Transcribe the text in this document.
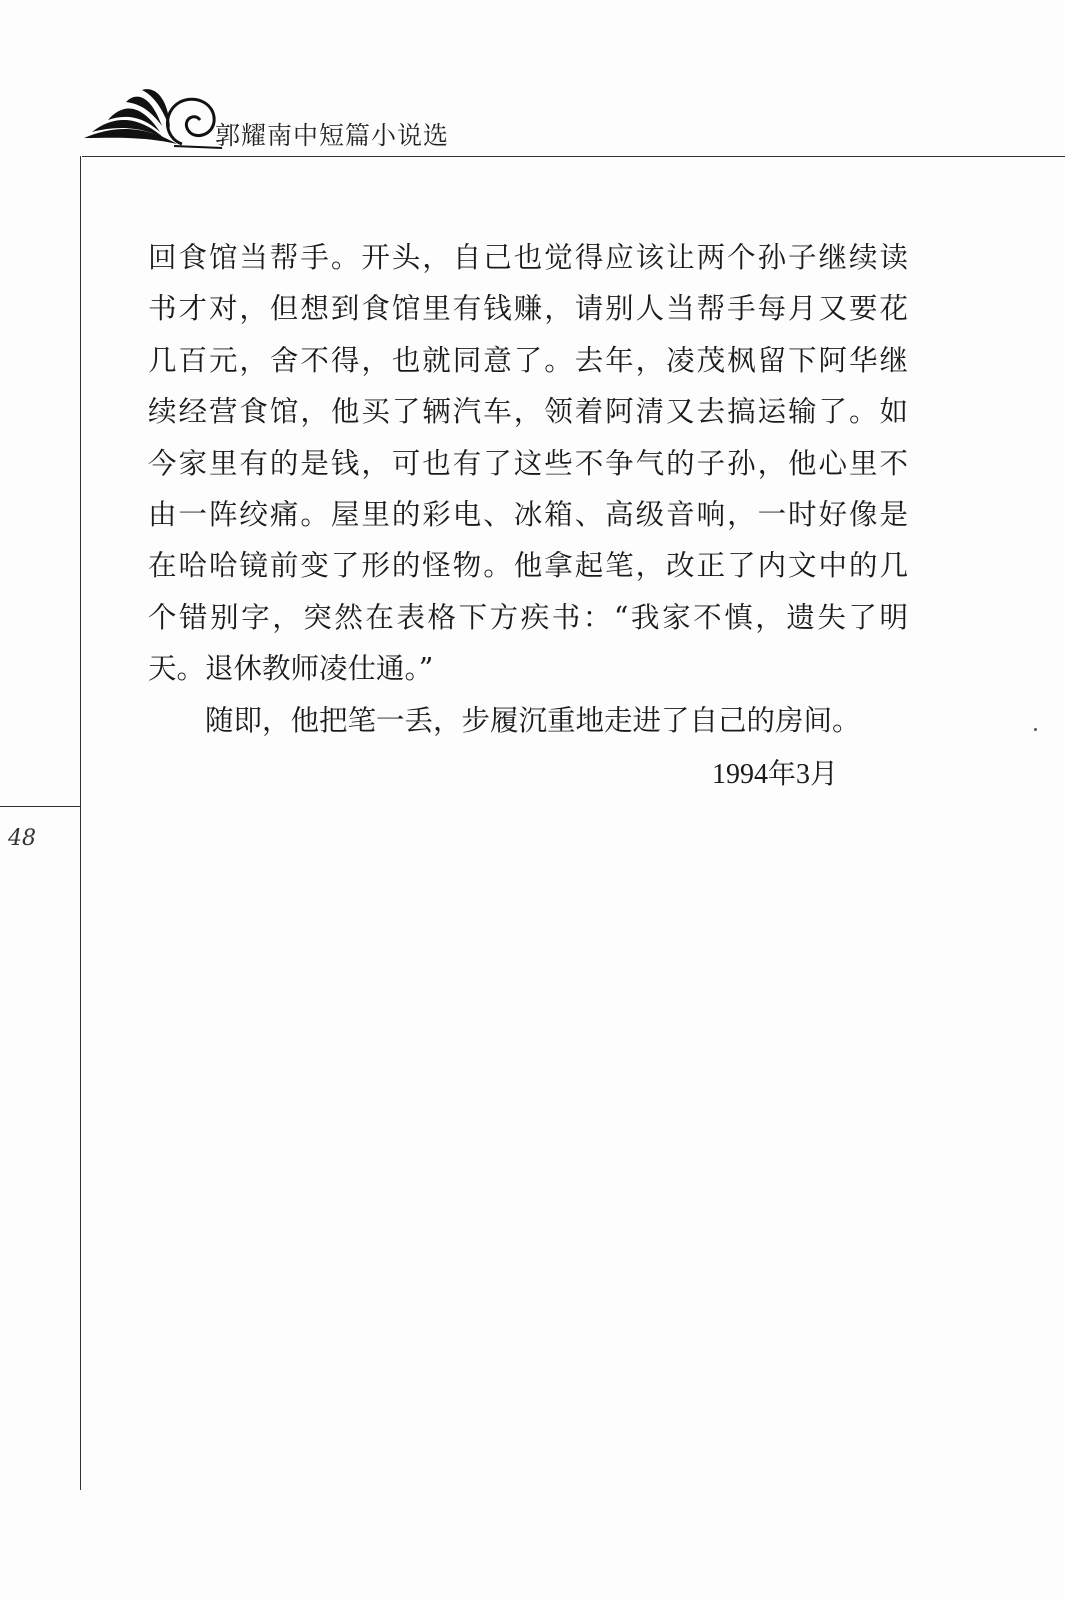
郭耀南中短篇小说选
48
回食馆当帮手。开头，自己也觉得应该让两个孙子继续读
书才对，但想到食馆里有钱赚，请别人当帮手每月又要花
几百元，舍不得，也就同意了。去年，凌茂枫留下阿华继
续经营食馆，他买了辆汽车，领着阿清又去搞运输了。如
今家里有的是钱，可也有了这些不争气的子孙，他心里不
由一阵绞痛。屋里的彩电、冰箱、高级音响，一时好像是
在哈哈镜前变了形的怪物。他拿起笔，改正了内文中的几
个错别字，突然在表格下方疾书：“我家不慎，遗失了明
天。退休教师凌仕通。”
随即，他把笔一丢，步履沉重地走进了自己的房间。
1994年3月
